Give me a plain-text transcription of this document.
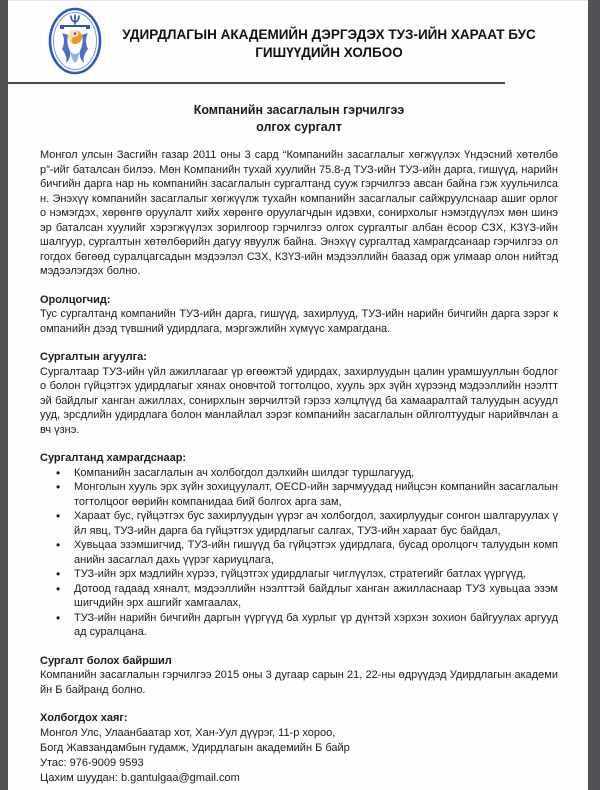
УДИРДЛАГЫН АКАДЕМИЙН ДЭРГЭДЭХ ТУЗ-ИЙН ХАРААТ БУС ГИШҮҮДИЙН ХОЛБОО
Компанийн засаглалын гэрчилгээ
олгох сургалт

Монгол улсын Засгийн газар 2011 оны 3 сард “Компанийн засаглалыг хөгжүүлэх Үндэсний хөтөлбөр”-ийг баталсан билээ. Мөн Компанийн тухай хуулийн 75.8-д ТУЗ-ийн ТУЗ-ийн дарга, гишүүд, нарийн бичгийн дарга нар нь компанийн засаглалын сургалтанд сууж гэрчилгээ авсан байна гэж хуульчилсан. Энэхүү компанийн засаглалыг хөгжүүлж тухайн компанийн засаглалыг сайжруулснаар ашиг орлого нэмэгдэх, хөрөнгө оруулалт хийх хөрөнгө оруулагчдын идэвхи, сонирхолыг нэмэгдүүлэх мөн шинээр баталсан хуулийг хэрэгжүүлэх зорилгоор гэрчилгээ олгох сургалтыг албан ёсоор СЗХ, КЗҮЗ-ийн шалгуур, сургалтын хөтөлбөрийн дагуу явуулж байна. Энэхүү сургалтад хамрагдсанаар гэрчилгээ олгогдох бөгөөд суралцагсадын мэдээлэл СЗХ, КЗҮЗ-ийн мэдээллийн баазад орж улмаар олон нийтэд мэдээлэгдэх болно.

Оролцогчид:

Тус сургалтанд компанийн ТУЗ-ийн дарга, гишүүд, захирлууд, ТУЗ-ийн нарийн бичгийн дарга зэрэг компанийн дээд түвшний удирдлага, мэргэжлийн хүмүүс хамрагдана.

Сургалтын агуулга:

Сургалтаар ТУЗ-ийн үйл ажиллагааг үр өгөөжтэй удирдах, захирлуудын цалин урамшууллын бодлого болон гүйцэтгэх удирдлагыг хянах оновчтой тогтолцоо, хууль эрх зүйн хүрээнд мэдээллийн нээлттэй байдлыг ханган ажиллах, сонирхлын зөрчилтэй гэрээ хэлцлүүд ба хамааралтай талуудын асуудлууд, эрсдлийн удирдлага болон манлайлал зэрэг компанийн засаглалын ойлголтуудыг нарийвчлан авч үзнэ.

Сургалтанд хамрагдснаар:
• Компанийн засаглалын ач холбогдол дэлхийн шилдэг туршлагууд,
• Монголын хууль эрх зүйн зохицуулалт, OECD-ийн зарчмуудад нийцсэн компанийн засаглалын тогтолцоог өөрийн компанидаа бий болгох арга зам,
• Хараат бус, гүйцэтгэх бус захирлуудын үүрэг ач холбогдол, захирлуудыг сонгон шалгаруулах үйл явц, ТУЗ-ийн дарга ба гүйцэтгэх удирдлагыг салгах, ТУЗ-ийн хараат бус байдал,
• Хувьцаа эзэмшигчид, ТУЗ-ийн гишүүд ба гүйцэтгэх удирдлага, бусад оролцогч талуудын компанийн засаглал дахь үүрэг хариуцлага,
• ТУЗ-ийн эрх мэдлийн хүрээ, гүйцэтгэх удирдлагыг чиглүүлэх, стратегийг батлах үүргүүд,
• Дотоод гадаад хяналт, мэдээллийн нээлттэй байдлыг ханган ажилласнаар ТУЗ хувьцаа эзэмшигчдийн эрх ашгийг хамгаалах,
• ТУЗ-ийн нарийн бичгийн даргын үүргүүд ба хурлыг үр дүнтэй хэрхэн зохион байгуулах аргуудад суралцана.
Сургалт болох байршил

Компанийн засаглалын гэрчилгээ 2015 оны 3 дугаар сарын 21, 22-ны өдрүүдэд Удирдлагын академийн Б байранд болно.

Холбогдох хаяг:
Монгол Улс, Улаанбаатар хот, Хан-Уул дүүрэг, 11-р хороо,
Богд Жавзандамбын гудамж, Удирдлагын академийн Б байр
Утас: 976-9009 9593
Цахим шуудан: b.gantulgaa@gmail.com
